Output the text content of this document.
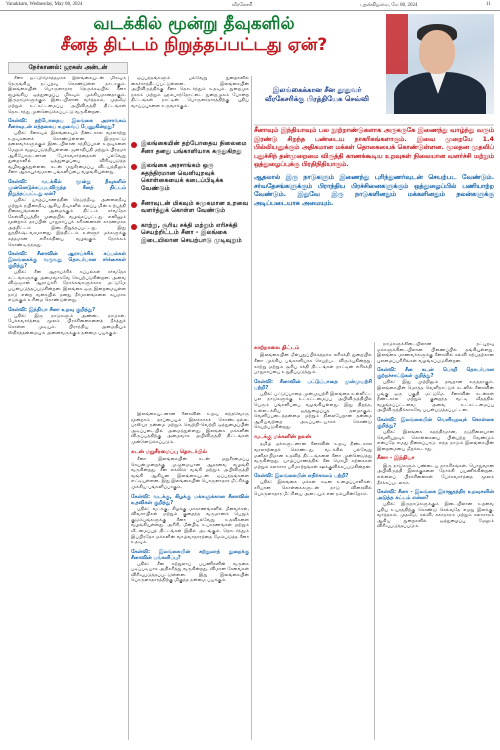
Vanakkam, Wednesday, May 08, 2024	வீரகேசரி	புதன்கிழமை, மே 08, 2024	11
வடக்கில் மூன்று தீவுகளில்
சீனத் திட்டம் நிறுத்தப்பட்டது ஏன்?
நேர்காணல்: ஜரசுஸ் அன்டன்
இலங்கைக்கான சீன தூதுவர் வீரகேசரிக்கு பிரத்தியேக செவ்வி
சீனா ஒட்டுமொத்தமாக இலங்கையுடன் மிகவும் நெருங்கிய நட்புறவு கொண்டுள்ள நாடாகும். இலங்கையின் பொருளாதார நெருக்கடியில் சீனா வழங்கிய ஒத்துழைப்பு மிகவும் முக்கியமானதாகும். இருநாடுகளுக்கும் இடையிலான வர்த்தகம், முதலீடு மற்றும் உட்கட்டமைப்பு அபிவிருத்தி திட்டங்கள் தொடர்ந்து முன்னெடுக்கப்பட்டு வருகின்றன.
கேள்வி: தற்போதைய இலங்கை அரசாங்கம் சீனாவுடன் எத்தகைய உறவைப் பேணுகின்றது?
பதில்: சீனாவும் இலங்கையும் நீண்டகால வரலாற்று உறவுகளைக் கொண்டுள்ளன. இருநாட்டு தலைவர்களுக்கும் இடையிலான சந்திப்புகள் உறவுகளை மேலும் வலுப்படுத்தியுள்ளன. ஜனாதிபதி மற்றும் பிரதமர் ஆகியோருடனான பேச்சுவார்த்தைகள் பல்வேறு துறைகளில் ஒத்துழைப்பை விரிவுபடுத்த வழிவகுத்துள்ளன. கடன் மறுசீரமைப்பு விடயத்திலும் சீனா ஆக்கபூர்வமான பங்களிப்பை வழங்கியுள்ளது.
கேள்வி: வடக்கில் மூன்று தீவுகளில் முன்னெடுக்கப்படவிருந்த சீனத் திட்டம் நிறுத்தப்பட்டது ஏன்?
பதில்: யாழ்ப்பாணத்தின் நெடுந்தீவு, அனலைதீவு மற்றும் நயினாதீவு ஆகிய தீவுகளில் கலப்பு மின் உற்பத்தி நிலையங்களை அமைக்கும் திட்டம் சர்வதேச கேள்விப்பத்திர முறையில் வழங்கப்பட்டது. எனினும் மூன்றாம் தரப்பின் பாதுகாப்புக் கரிசனைகள் காரணமாக அத்திட்டம் இடைநிறுத்தப்பட்டது. இது துரதிர்ஷ்டவசமானது. இத்திட்டம் உள்ளூர் மக்களுக்கு சுத்தமான எரிசக்தியை வழங்கும் நோக்கம் கொண்டிருந்தது.
கேள்வி: சீனாவின் ஆராய்ச்சிக் கப்பல்கள் இலங்கைக்கு வருவது தொடர்பான சர்ச்சைகள் குறித்து?
பதில்: சீன ஆராய்ச்சிக் கப்பல்கள் சர்வதேச சட்டங்களுக்கு அமைவாகவே செயற்படுகின்றன. அவை விஞ்ஞான ஆராய்ச்சி நோக்கங்களுக்காக மட்டுமே பயன்படுத்தப்படுகின்றன. இலங்கை ஒரு இறைமையுள்ள நாடு என்ற வகையில் தனது தீர்மானங்களை சுயமாக எடுக்கும் உரிமை கொண்டுள்ளது.
கேள்வி: இந்தியா சீனா உறவு குறித்து?
பதில்: இரு நாடுகளும் அண்டை நாடுகள். பேச்சுவார்த்தை மூலம் பிரச்சினைகளைத் தீர்த்துக் கொள்ள முடியும். பிராந்திய அமைதியும் ஸ்திரத்தன்மையும் அனைவருக்கும் நன்மை பயக்கும்.
ஒப்பந்தங்களும் பல்வேறு துறைகளில் கைச்சாத்திடப்பட்டுள்ளன. இலங்கையின் அபிவிருத்திக்கு சீனா தொடர்ந்தும் உதவும். துறைமுக நகரம் மற்றும் ஹம்பாந்தோட்டை துறைமுகம் போன்ற திட்டங்கள் நாட்டின் பொருளாதாரத்திற்கு புதிய வாய்ப்புகளை உருவாக்கும்.
இலங்கையின் தற்போதைய நிலைமை சீனா தனது பங்காளியாக கருதுகிறது
இலங்கை அரசாங்கம் ஒரு சுதந்திரமான வெளியுறவுக் கொள்கையைக் கடைப்பிடிக்க வேண்டும்
சீனாவுடன் மிகவும் சுமுகமான உறவை வளர்த்துக் கொள்ள வேண்டும்
காற்று, சூரிய சக்தி மற்றும் எரிசக்தி செயற்றிட்டம் சீனா - இலங்கை இடையிலான செயற்பாடு முடிவுறும்
இலங்கையுடனான சீனாவின் உறவு எந்தவொரு மூன்றாம் தரப்பையும் இலக்காகக் கொண்டதல்ல. பரஸ்பர நன்மை மற்றும் வெற்றி-வெற்றி ஒத்துழைப்பின் அடிப்படையில் அமைந்துள்ளது. இலங்கை மக்களின் விருப்பத்திற்கு அமைவாக அபிவிருத்தி திட்டங்கள் முன்னெடுக்கப்படும்.
கடன் மறுசீரமைப்பு தொடர்பில்
சீனா இலங்கையின் கடன் மறுசீரமைப்பு செயன்முறைக்கு முழுமையான ஆதரவை வழங்கி வருகின்றது. சீன எக்ஸிம் வங்கி மற்றும் அபிவிருத்தி வங்கி ஆகியன இலங்கையுடன் ஒப்பந்தங்களை எட்டியுள்ளன. இது இலங்கையின் பொருளாதார மீட்சிக்கு முக்கிய பங்களிப்பாகும்.
கேள்வி: வடக்கு, கிழக்கு மக்களுக்கான சீனாவின் உதவிகள் குறித்து?
பதில்: வடக்கு, கிழக்கு மாகாணங்களில் மீனவர்கள், விவசாயிகள் மற்றும் குறைந்த வருமானம் பெறும் குடும்பங்களுக்கு சீனா பல்வேறு உதவிகளை வழங்கியுள்ளது. அரிசி, மீன்பிடி உபகரணங்கள் மற்றும் வீடமைப்புத் திட்டங்கள் இதில் அடங்கும். தொடர்ந்தும் இப்பிரதேச மக்களின் வாழ்வாதாரத்தை மேம்படுத்த சீனா உதவும்.
கேள்வி: இலங்கையின் சுற்றுலாத் துறைக்கு சீனாவின் பங்களிப்பு?
பதில்: சீன சுற்றுலாப் பயணிகளின் வருகை படிப்படியாக அதிகரித்து வருகின்றது. விமான சேவைகள் விரிவுபடுத்தப்பட்டுள்ளன. இது இலங்கையின் பொருளாதாரத்திற்கு மிகுந்த நன்மை பயக்கும்.

சீனாவும் இந்தியாவும் பல நூற்றாண்டுகளாக அருகருகே இணைந்து வாழ்ந்து வரும் இரண்டு சிறந்த பண்டைய நாகரிகங்களாகும். இவை முறையே 1.4 பில்லியனுக்கும் அதிகமான மக்கள் தொகையைக் கொண்டுள்ளன. மூலதன முதலிப் புதுச்சிந் தன்முறைமை விருத்தி காணக்கூடிய உறவுகள் நிலையான வளர்ச்சி மற்றும் ஒத்துழைப்புக்கு பிரதிநிதியாகும்.

ஆதலால் இரு நாடுகளும் இணைந்து புரிந்துணர்வுடன் செயற்பட வேண்டும். சர்வதேசங்களுக்கும் பிராந்திய பிரச்சினைகளுக்கும் ஒத்துழைப்பில் பணியாற்ற வேண்டும். இதுவே இரு நாடுகளினதும் மக்களினதும் நலன்களுக்கு அடிப்படையாக அமையும்.

காற்றாலை திட்டம்
இலங்கையின் மீள்புதுப்பிக்கத்தக்க எரிசக்தி துறையில் சீனா முக்கிய பங்காளியாக செயற்பட விரும்புகின்றது. காற்று மற்றும் சூரிய சக்தி திட்டங்கள் நாட்டின் எரிசக்தி பாதுகாப்பை உறுதிப்படுத்தும்.
கேள்வி: சீனாவின் பட்டுப்பாதை முன்முயற்சி பற்றி?
பதில்: பட்டுப்பாதை முன்முயற்சி இலங்கை உள்ளிட்ட பல நாடுகளுக்கு உட்கட்டமைப்பு அபிவிருத்தியில் பெரும் பங்களிப்பை வழங்கியுள்ளது. இது திறந்த, உள்ளடக்கிய ஒத்துழைப்புத் தளமாகும். வெளிப்படைத்தன்மை மற்றும் நிலைபேறான தன்மை ஆகியவற்றை அடிப்படையாகக் கொண்டு செயற்படுகின்றது.
வடக்கு மக்களின் நலன்
தமிழ் மக்களுடனான சீனாவின் உறவு நீண்டகால வரலாற்றைக் கொண்டது. வடக்கில் பல்வேறு மனிதாபிமான உதவித் திட்டங்களை சீனா முன்னெடுத்து வருகின்றது. யாழ்ப்பாணத்தில் சீன மொழி கற்கைகள் மற்றும் கலாசார பரிமாற்றங்கள் ஊக்குவிக்கப்படுகின்றன.
கேள்வி: இலங்கையின் எதிர்காலம் பற்றி?
பதில்: இலங்கை மக்கள் கடின உழைப்பாளிகள். சரியான கொள்கைகளுடன் நாடு விரைவில் பொருளாதார மீட்சியை அடையும் என நம்புகின்றோம்.
நாடுகளுக்கிடையிலான நட்புறவு மக்களுக்கிடையிலான பிணைப்பில் தங்கியுள்ளது. இலங்கை மாணவர்களுக்கு சீனாவில் கல்வி கற்பதற்கான புலமைப்பரிசில்கள் வழங்கப்படுகின்றன.
கேள்வி: சீன கடன் பொறி தொடர்பான குற்றச்சாட்டுகள் குறித்து?
பதில்: இது முற்றிலும் தவறான கருத்தாகும். இலங்கையின் மொத்த வெளிநாட்டுக் கடனில் சீனாவின் பங்கு ஒரு பகுதி மட்டுமே. சீனாவின் கடன்கள் நீண்டகால மற்றும் குறைந்த வட்டி வீதத்தில் வழங்கப்பட்டவை. அவை உட்கட்டமைப்பு அபிவிருத்திக்காகவே பயன்படுத்தப்பட்டன.
கேள்வி: இலங்கையின் வெளியுறவுக் கொள்கை குறித்து?
பதில்: இலங்கை சுதந்திரமான, நடுநிலையான வெளியுறவுக் கொள்கையை பின்பற்ற வேண்டும் என்பதே எமது நிலைப்பாடு. எந்த நாடும் இலங்கையின் இறைமையை மீறக்கூடாது.
சீனா - இந்தியா
இரு நாடுகளும் பண்டைய நாகரிகங்கள். பொதுவான அபிவிருத்தி இலக்குகளை நோக்கி பயணிக்கின்றன. எல்லைப் பிரச்சினைகள் பேச்சுவார்த்தை மூலம் தீர்க்கப்படலாம்.
கேள்வி: சீனா - இலங்கை இராஜதந்திர உறவுகளின் அடுத்த கட்டம் என்ன?
பதில்: இருநாடுகளுக்கும் இடையிலான உறவை புதிய உயரத்திற்கு கொண்டு செல்வதே எமது இலக்கு. வர்த்தகம், முதலீடு, கல்வி, சுகாதாரம் மற்றும் கலாசாரம் ஆகிய துறைகளில் ஒத்துழைப்பு மேலும் விரிவுபடுத்தப்படும்.
